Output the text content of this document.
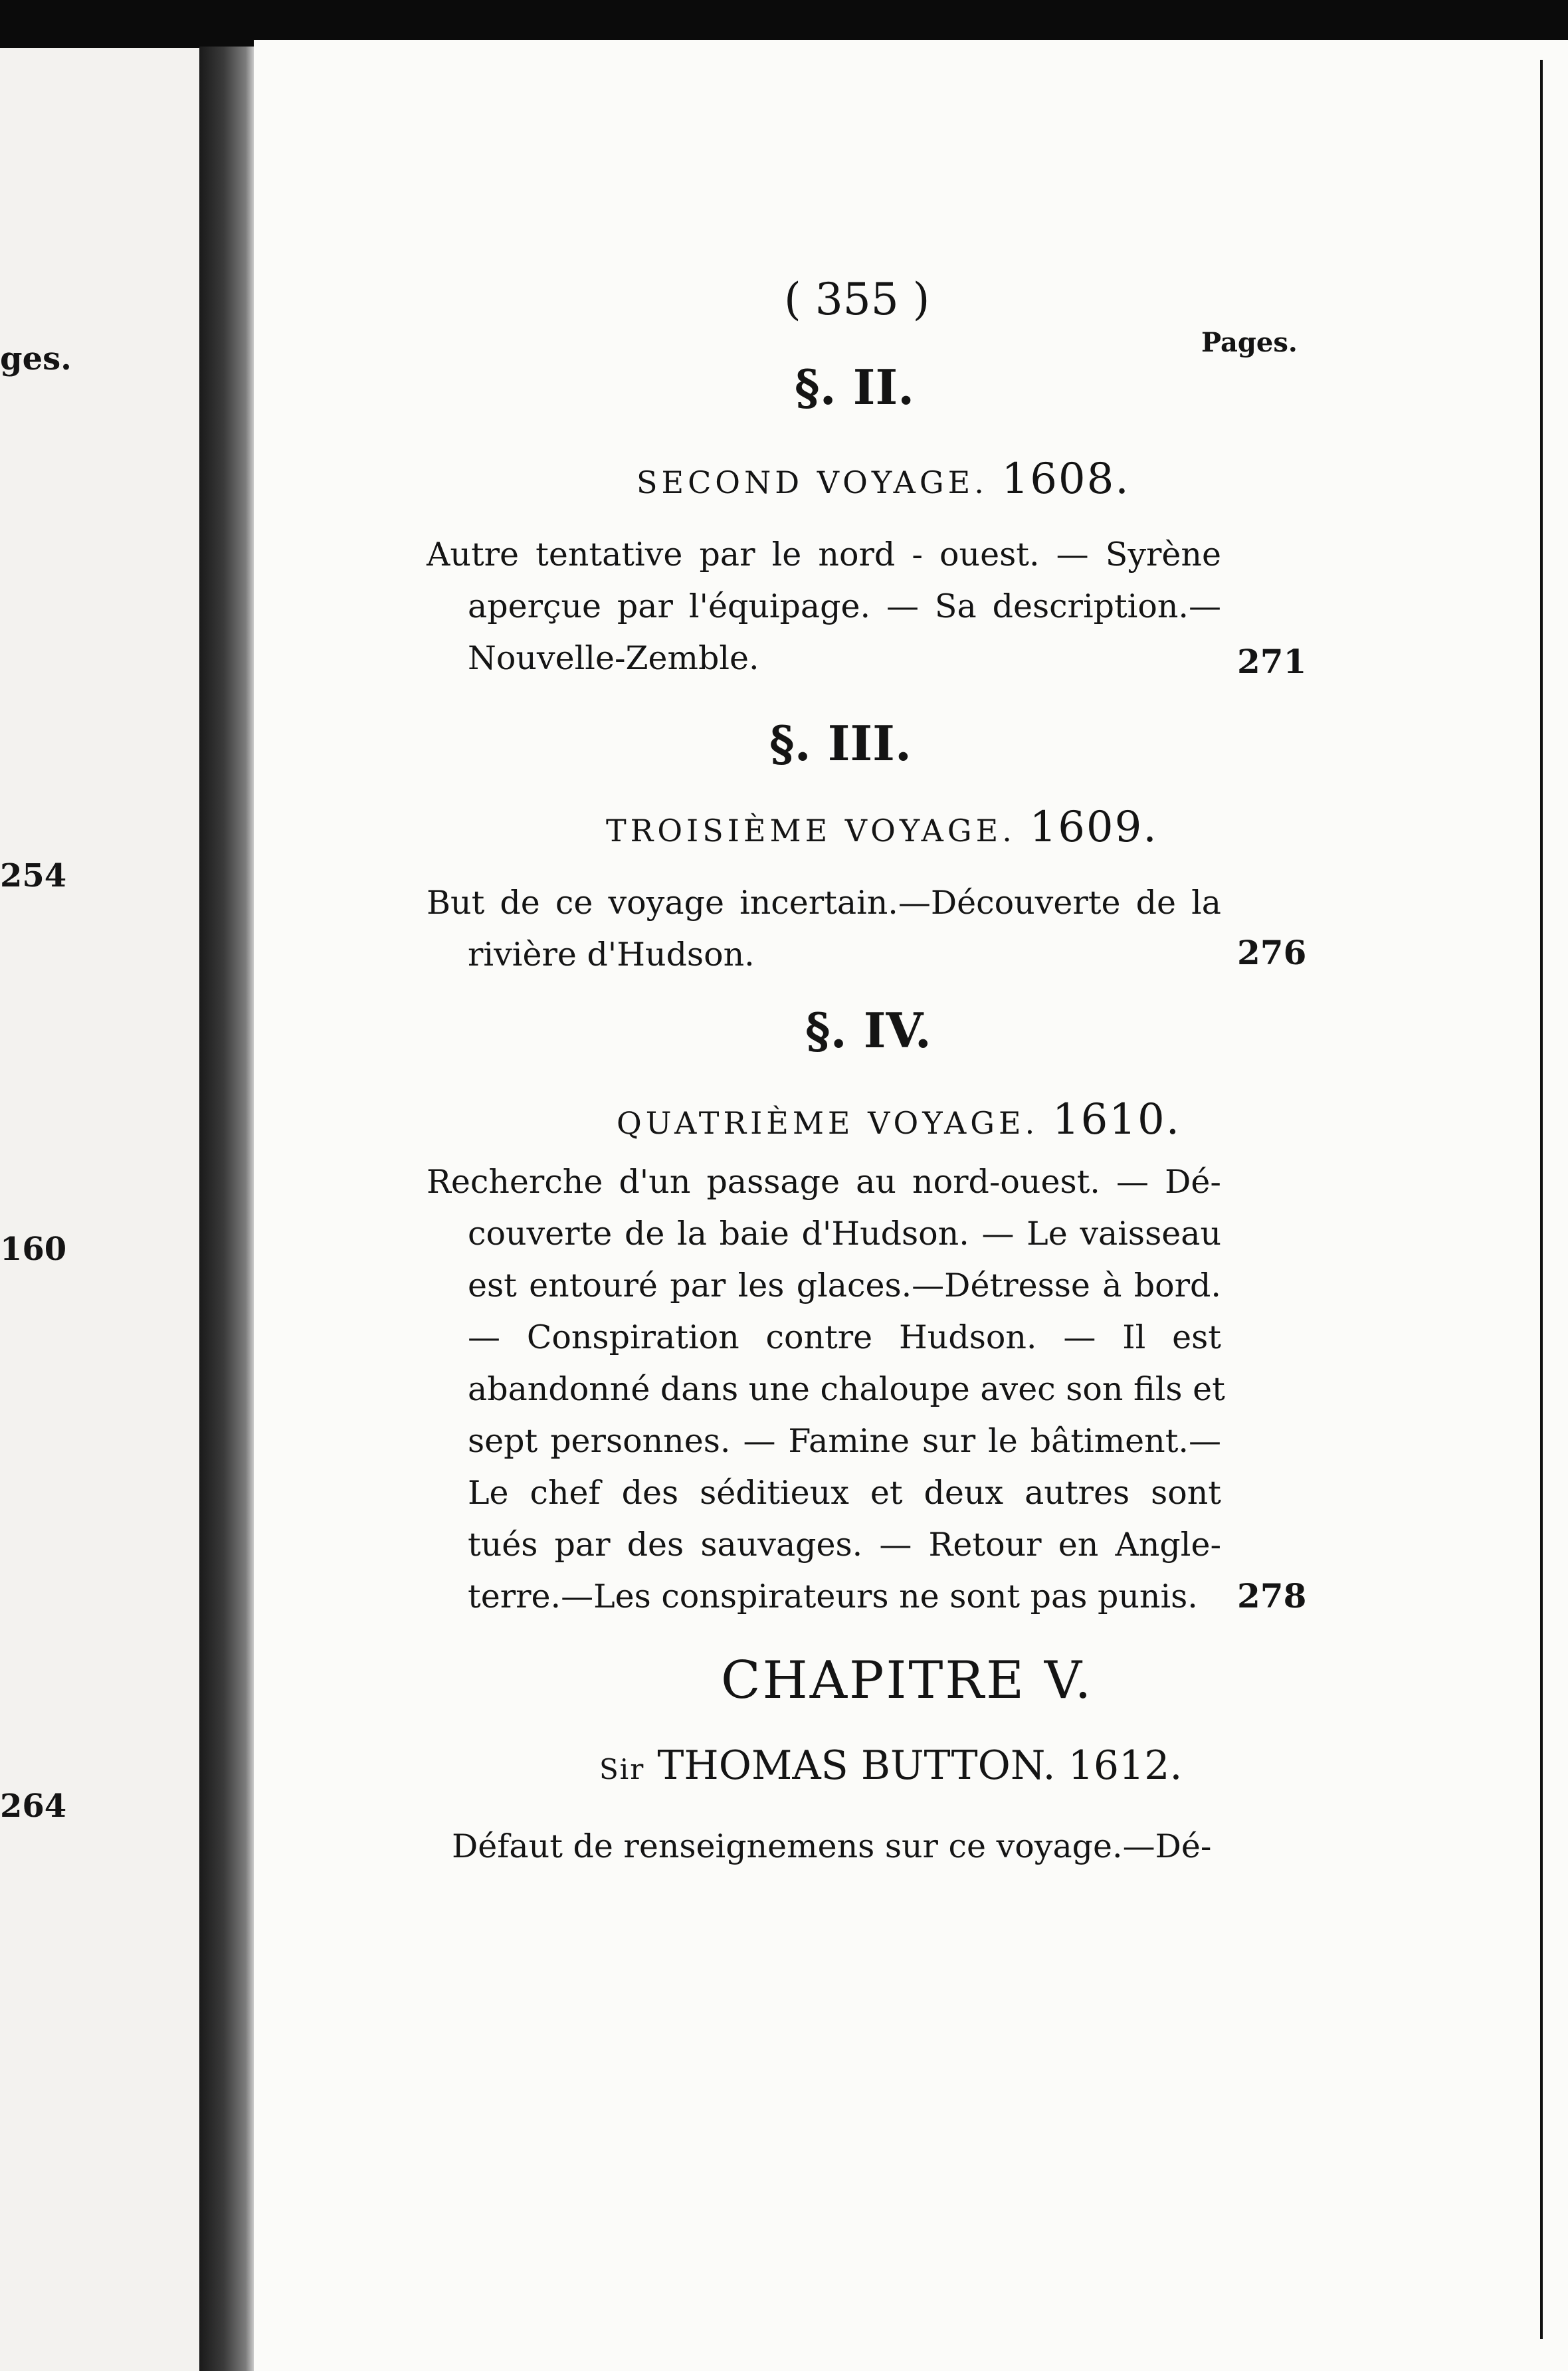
ges.
254
160
264
( 355 )
Pages.
§. II.
SECOND VOYAGE. 1608.
Autre tentative par le nord - ouest. — Syrène
aperçue par l'équipage. — Sa description.—
Nouvelle-Zemble.	271
§. III.
TROISIÈME VOYAGE. 1609.
But de ce voyage incertain.—Découverte de la
rivière d'Hudson.	276
§. IV.
QUATRIÈME VOYAGE. 1610.
Recherche d'un passage au nord-ouest. — Dé-
couverte de la baie d'Hudson. — Le vaisseau
est entouré par les glaces.—Détresse à bord.
— Conspiration contre Hudson. — Il est
abandonné dans une chaloupe avec son fils et
sept personnes. — Famine sur le bâtiment.—
Le chef des séditieux et deux autres sont
tués par des sauvages. — Retour en Angle-
terre.—Les conspirateurs ne sont pas punis.	278
CHAPITRE V.
Sir THOMAS BUTTON. 1612.
Défaut de renseignemens sur ce voyage.—Dé-
